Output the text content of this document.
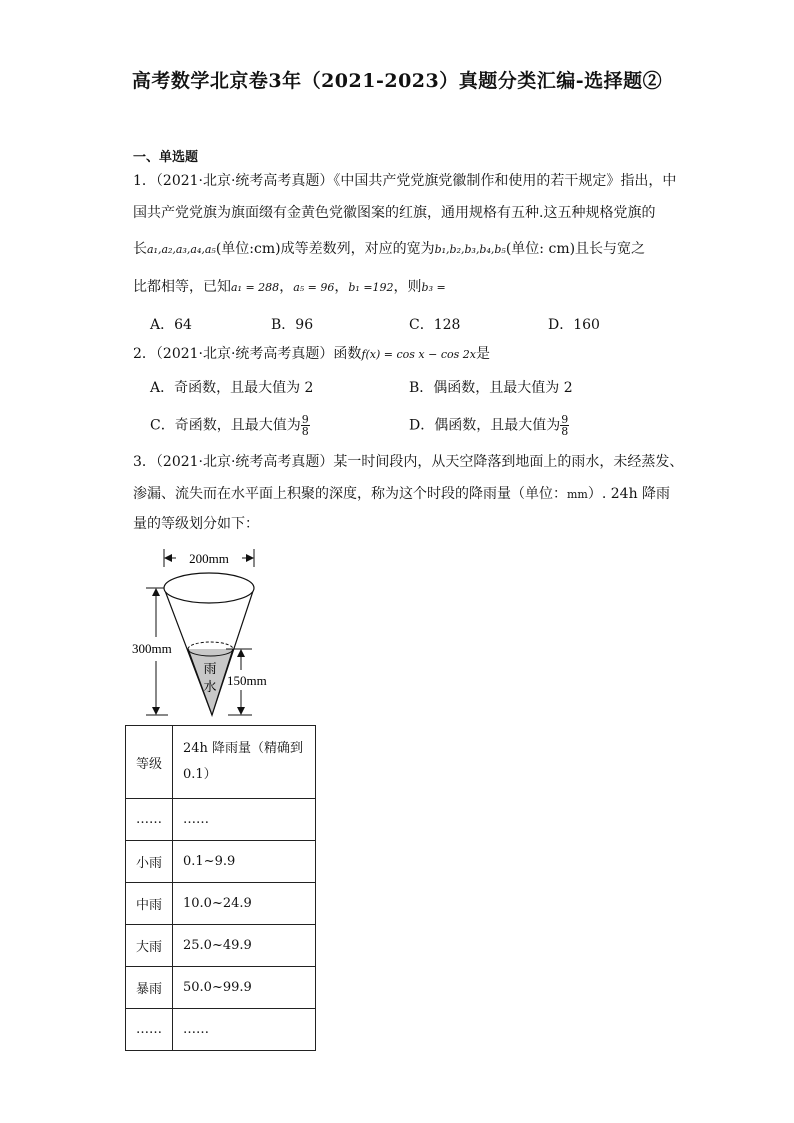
高考数学北京卷3年（2021-2023）真题分类汇编-选择题②
一、单选题
1．（2021·北京·统考高考真题）《中国共产党党旗党徽制作和使用的若干规定》指出，中
国共产党党旗为旗面缀有金黄色党徽图案的红旗，通用规格有五种.这五种规格党旗的
长a₁,a₂,a₃,a₄,a₅(单位:cm)成等差数列，对应的宽为b₁,b₂,b₃,b₄,b₅(单位: cm)且长与宽之
比都相等，已知a₁ = 288，a₅ = 96，b₁ =192，则b₃ =
A．64	B．96	C．128	D．160
2．（2021·北京·统考高考真题）函数f(x) = cos x − cos 2x是
A．奇函数，且最大值为 2	B．偶函数，且最大值为 2
C．奇函数，且最大值为 $\frac{9}{8}$	D．偶函数，且最大值为 $\frac{9}{8}$
3．（2021·北京·统考高考真题）某一时间段内，从天空降落到地面上的雨水，未经蒸发、
渗漏、流失而在水平面上积聚的深度，称为这个时段的降雨量（单位：mm）. 24h 降雨
量的等级划分如下：
200mm
雨
水
300mm
150mm
等级	24h 降雨量（精确到
0.1）

……	……
小雨	0.1~9.9
中雨	10.0~24.9
大雨	25.0~49.9
暴雨	50.0~99.9
……	……
